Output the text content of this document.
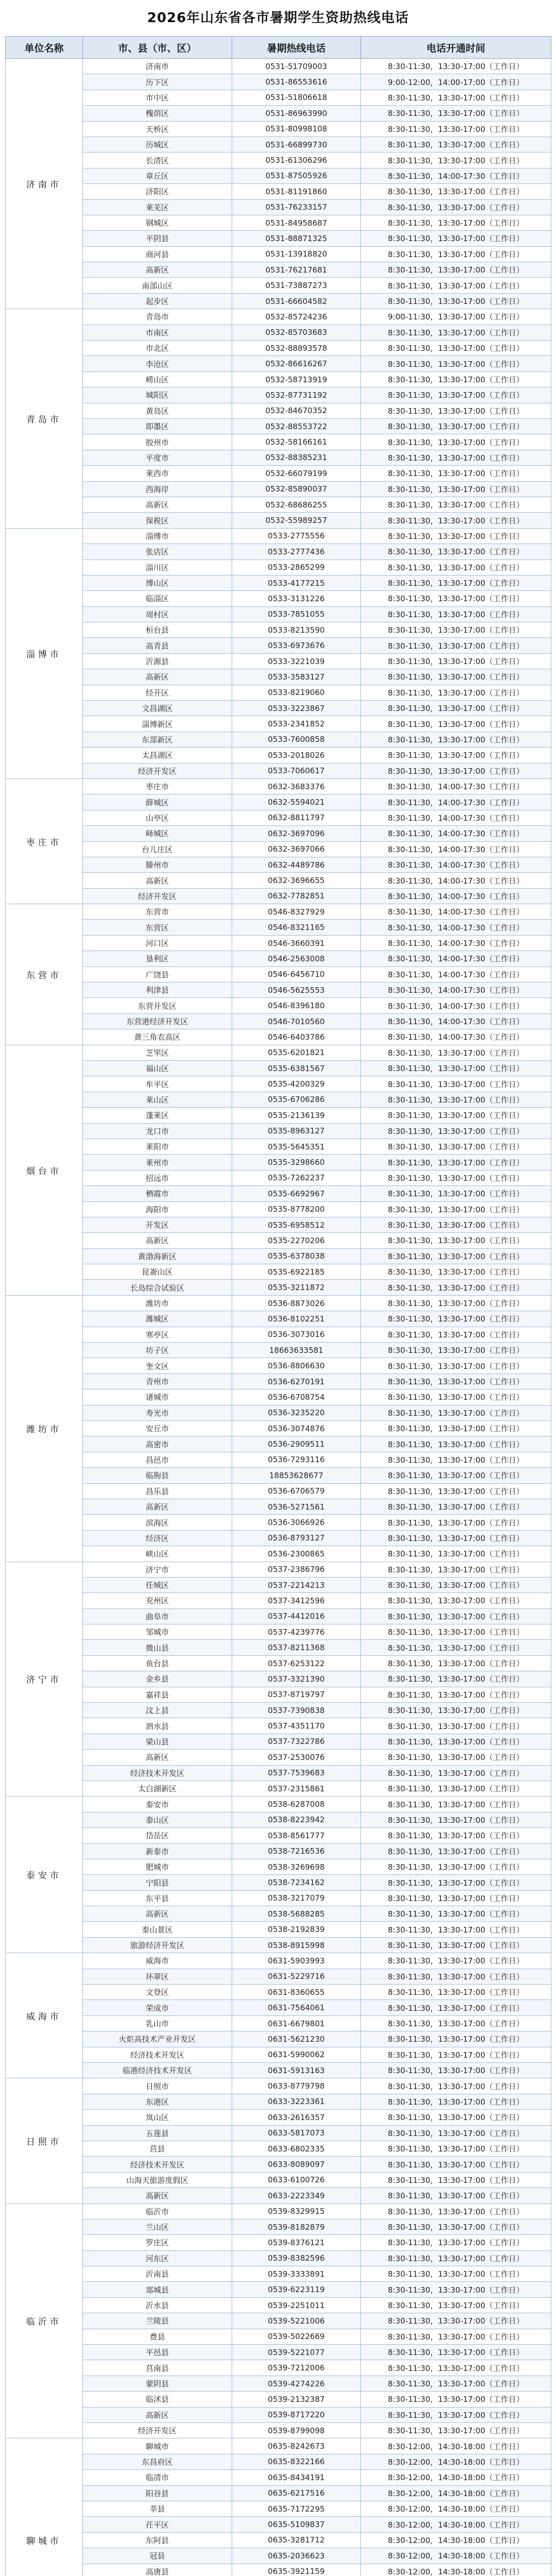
2026年山东省各市暑期学生资助热线电话
单位名称	市、县（市、区）	暑期热线电话	电话开通时间
济南市	济南市	0531-51709003	8:30-11:30，13:30-17:00（工作日）
	历下区	0531-86553616	9:00-12:00，14:00-17:00（工作日）
	市中区	0531-51806618	8:30-11:30，13:30-17:00（工作日）
	槐荫区	0531-86963990	8:30-11:30，13:30-17:00（工作日）
	天桥区	0531-80998108	8:30-11:30，13:30-17:00（工作日）
	历城区	0531-66899730	8:30-11:30，13:30-17:00（工作日）
	长清区	0531-61306296	8:30-11:30，13:30-17:00（工作日）
	章丘区	0531-87505926	8:30-11:30，14:00-17:30（工作日）
	济阳区	0531-81191860	8:30-11:30，13:30-17:00（工作日）
	莱芜区	0531-76233157	8:30-11:30，13:30-17:00（工作日）
	钢城区	0531-84958687	8:30-11:30，13:30-17:00（工作日）
	平阴县	0531-88871325	8:30-11:30，13:30-17:00（工作日）
	商河县	0531-13918820	8:30-11:30，13:30-17:00（工作日）
	高新区	0531-76217681	8:30-11:30，13:30-17:00（工作日）
	南部山区	0531-73887273	8:30-11:30，13:30-17:00（工作日）
	起步区	0531-66604582	8:30-11:30，13:30-17:00（工作日）
青岛市	青岛市	0532-85724236	9:00-11:30，13:30-17:00（工作日）
	市南区	0532-85703683	8:30-11:30，13:30-17:00（工作日）
	市北区	0532-88893578	8:30-11:30，13:30-17:00（工作日）
	李沧区	0532-86616267	8:30-11:30，13:30-17:00（工作日）
	崂山区	0532-58713919	8:30-11:30，13:30-17:00（工作日）
	城阳区	0532-87731192	8:30-11:30，13:30-17:00（工作日）
	黄岛区	0532-84670352	8:30-11:30，13:30-17:00（工作日）
	即墨区	0532-88553722	8:30-11:30，13:30-17:00（工作日）
	胶州市	0532-58166161	8:30-11:30，13:30-17:00（工作日）
	平度市	0532-88385231	8:30-11:30，13:30-17:00（工作日）
	莱西市	0532-66079199	8:30-11:30，13:30-17:00（工作日）
	西海岸	0532-85890037	8:30-11:30，13:30-17:00（工作日）
	高新区	0532-68686255	8:30-11:30，13:30-17:00（工作日）
	保税区	0532-55989257	8:30-11:30，13:30-17:00（工作日）
淄博市	淄博市	0533-2775556	8:30-11:30，13:30-17:00（工作日）
	张店区	0533-2777436	8:30-11:30，13:30-17:00（工作日）
	淄川区	0533-2865299	8:30-11:30，13:30-17:00（工作日）
	博山区	0533-4177215	8:30-11:30，13:30-17:00（工作日）
	临淄区	0533-3131226	8:30-11:30，13:30-17:00（工作日）
	周村区	0533-7851055	8:30-11:30，13:30-17:00（工作日）
	桓台县	0533-8213590	8:30-11:30，13:30-17:00（工作日）
	高青县	0533-6973676	8:30-11:30，13:30-17:00（工作日）
	沂源县	0533-3221039	8:30-11:30，13:30-17:00（工作日）
	高新区	0533-3583127	8:30-11:30，13:30-17:00（工作日）
	经开区	0533-8219060	8:30-11:30，13:30-17:00（工作日）
	文昌湖区	0533-3223867	8:30-11:30，13:30-17:00（工作日）
	淄博新区	0533-2341852	8:30-11:30，13:30-17:00（工作日）
	东部新区	0533-7600858	8:30-11:30，13:30-17:00（工作日）
	太昌湖区	0533-2018026	8:30-11:30，13:30-17:00（工作日）
	经济开发区	0533-7060617	8:30-11:30，13:30-17:00（工作日）
枣庄市	枣庄市	0632-3683376	8:30-11:30，14:00-17:30（工作日）
	薛城区	0632-5594021	8:30-11:30，14:00-17:30（工作日）
	山亭区	0632-8811797	8:30-11:30，14:00-17:30（工作日）
	峄城区	0632-3697096	8:30-11:30，14:00-17:30（工作日）
	台儿庄区	0632-3697066	8:30-11:30，14:00-17:30（工作日）
	滕州市	0632-4489786	8:30-11:30，14:00-17:30（工作日）
	高新区	0632-3696655	8:30-11:30，14:00-17:30（工作日）
	经济开发区	0632-7782851	8:30-11:30，14:00-17:30（工作日）
东营市	东营市	0546-8327929	8:30-11:30，14:00-17:30（工作日）
	东营区	0546-8321165	8:30-11:30，14:00-17:30（工作日）
	河口区	0546-3660391	8:30-11:30，14:00-17:30（工作日）
	垦利区	0546-2563008	8:30-11:30，14:00-17:30（工作日）
	广饶县	0546-6456710	8:30-11:30，14:00-17:30（工作日）
	利津县	0546-5625553	8:30-11:30，14:00-17:30（工作日）
	东营开发区	0546-8396180	8:30-11:30，14:00-17:30（工作日）
	东营港经济开发区	0546-7010560	8:30-11:30，14:00-17:30（工作日）
	黄三角农高区	0546-6403786	8:30-11:30，14:00-17:30（工作日）
烟台市	芝罘区	0535-6201821	8:30-11:30，13:30-17:00（工作日）
	福山区	0535-6381567	8:30-11:30，13:30-17:00（工作日）
	牟平区	0535-4200329	8:30-11:30，13:30-17:00（工作日）
	莱山区	0535-6706286	8:30-11:30，13:30-17:00（工作日）
	蓬莱区	0535-2136139	8:30-11:30，13:30-17:00（工作日）
	龙口市	0535-8963127	8:30-11:30，13:30-17:00（工作日）
	莱阳市	0535-5645351	8:30-11:30，13:30-17:00（工作日）
	莱州市	0535-3298660	8:30-11:30，13:30-17:00（工作日）
	招远市	0535-7262237	8:30-11:30，13:30-17:00（工作日）
	栖霞市	0535-6692967	8:30-11:30，13:30-17:00（工作日）
	海阳市	0535-8778200	8:30-11:30，13:30-17:00（工作日）
	开发区	0535-6958512	8:30-11:30，13:30-17:00（工作日）
	高新区	0535-2270206	8:30-11:30，13:30-17:00（工作日）
	黄渤海新区	0535-6378038	8:30-11:30，13:30-17:00（工作日）
	昆嵛山区	0535-6922185	8:30-11:30，13:30-17:00（工作日）
	长岛综合试验区	0535-3211872	8:30-11:30，13:30-17:00（工作日）
潍坊市	潍坊市	0536-8873026	8:30-11:30，13:30-17:00（工作日）
	潍城区	0536-8102251	8:30-11:30，13:30-17:00（工作日）
	寒亭区	0536-3073016	8:30-11:30，13:30-17:00（工作日）
	坊子区	18663633581	8:30-11:30，13:30-17:00（工作日）
	奎文区	0536-8806630	8:30-11:30，13:30-17:00（工作日）
	青州市	0536-6270191	8:30-11:30，13:30-17:00（工作日）
	诸城市	0536-6708754	8:30-11:30，13:30-17:00（工作日）
	寿光市	0536-3235220	8:30-11:30，13:30-17:00（工作日）
	安丘市	0536-3074876	8:30-11:30，13:30-17:00（工作日）
	高密市	0536-2909511	8:30-11:30，13:30-17:00（工作日）
	昌邑市	0536-7293116	8:30-11:30，13:30-17:00（工作日）
	临朐县	18853628677	8:30-11:30，13:30-17:00（工作日）
	昌乐县	0536-6706579	8:30-11:30，13:30-17:00（工作日）
	高新区	0536-5271561	8:30-11:30，13:30-17:00（工作日）
	滨海区	0536-3066926	8:30-11:30，13:30-17:00（工作日）
	经济区	0536-8793127	8:30-11:30，13:30-17:00（工作日）
	峡山区	0536-2300865	8:30-11:30，13:30-17:00（工作日）
济宁市	济宁市	0537-2386796	8:30-11:30，13:30-17:00（工作日）
	任城区	0537-2214213	8:30-11:30，13:30-17:00（工作日）
	兖州区	0537-3412596	8:30-11:30，13:30-17:00（工作日）
	曲阜市	0537-4412016	8:30-11:30，13:30-17:00（工作日）
	邹城市	0537-4239776	8:30-11:30，13:30-17:00（工作日）
	微山县	0537-8211368	8:30-11:30，13:30-17:00（工作日）
	鱼台县	0537-6253122	8:30-11:30，13:30-17:00（工作日）
	金乡县	0537-3321390	8:30-11:30，13:30-17:00（工作日）
	嘉祥县	0537-8719797	8:30-11:30，13:30-17:00（工作日）
	汶上县	0537-7390838	8:30-11:30，13:30-17:00（工作日）
	泗水县	0537-4351170	8:30-11:30，13:30-17:00（工作日）
	梁山县	0537-7322786	8:30-11:30，13:30-17:00（工作日）
	高新区	0537-2530076	8:30-11:30，13:30-17:00（工作日）
	经济技术开发区	0537-7539683	8:30-11:30，13:30-17:00（工作日）
	太白湖新区	0537-2315861	8:30-11:30，13:30-17:00（工作日）
泰安市	泰安市	0538-6287008	8:30-11:30，13:30-17:00（工作日）
	泰山区	0538-8223942	8:30-11:30，13:30-17:00（工作日）
	岱岳区	0538-8561777	8:30-11:30，13:30-17:00（工作日）
	新泰市	0538-7216536	8:30-11:30，13:30-17:00（工作日）
	肥城市	0538-3269698	8:30-11:30，13:30-17:00（工作日）
	宁阳县	0538-7234162	8:30-11:30，13:30-17:00（工作日）
	东平县	0538-3217079	8:30-11:30，13:30-17:00（工作日）
	高新区	0538-5688285	8:30-11:30，13:30-17:00（工作日）
	泰山景区	0538-2192839	8:30-11:30，13:30-17:00（工作日）
	旅游经济开发区	0538-8915998	8:30-11:30，13:30-17:00（工作日）
威海市	威海市	0631-5903993	8:30-11:30，13:30-17:00（工作日）
	环翠区	0631-5229716	8:30-11:30，13:30-17:00（工作日）
	文登区	0631-8360655	8:30-11:30，13:30-17:00（工作日）
	荣成市	0631-7564061	8:30-11:30，13:30-17:00（工作日）
	乳山市	0631-6679801	8:30-11:30，13:30-17:00（工作日）
	火炬高技术产业开发区	0631-5621230	8:30-11:30，13:30-17:00（工作日）
	经济技术开发区	0631-5990062	8:30-11:30，13:30-17:00（工作日）
	临港经济技术开发区	0631-5913163	8:30-11:30，13:30-17:00（工作日）
日照市	日照市	0633-8779798	8:30-11:30，13:30-17:00（工作日）
	东港区	0633-3223361	8:30-11:30，13:30-17:00（工作日）
	岚山区	0633-2616357	8:30-11:30，13:30-17:00（工作日）
	五莲县	0633-5817073	8:30-11:30，13:30-17:00（工作日）
	莒县	0633-6802335	8:30-11:30，13:30-17:00（工作日）
	经济技术开发区	0633-8089097	8:30-11:30，13:30-17:00（工作日）
	山海天旅游度假区	0633-6100726	8:30-11:30，13:30-17:00（工作日）
	高新区	0633-2223349	8:30-11:30，13:30-17:00（工作日）
临沂市	临沂市	0539-8329915	8:30-11:30，13:30-17:00（工作日）
	兰山区	0539-8182879	8:30-11:30，13:30-17:00（工作日）
	罗庄区	0539-8376121	8:30-11:30，13:30-17:00（工作日）
	河东区	0539-8382596	8:30-11:30，13:30-17:00（工作日）
	沂南县	0539-3333891	8:30-11:30，13:30-17:00（工作日）
	郯城县	0539-6223119	8:30-11:30，13:30-17:00（工作日）
	沂水县	0539-2251011	8:30-11:30，13:30-17:00（工作日）
	兰陵县	0539-5221006	8:30-11:30，13:30-17:00（工作日）
	费县	0539-5022669	8:30-11:30，13:30-17:00（工作日）
	平邑县	0539-5221077	8:30-11:30，13:30-17:00（工作日）
	莒南县	0539-7212006	8:30-11:30，13:30-17:00（工作日）
	蒙阴县	0539-4274226	8:30-11:30，13:30-17:00（工作日）
	临沭县	0539-2132387	8:30-11:30，13:30-17:00（工作日）
	高新区	0539-8717220	8:30-11:30，13:30-17:00（工作日）
	经济开发区	0539-8799098	8:30-11:30，13:30-17:00（工作日）
聊城市	聊城市	0635-8242673	8:30-12:00，14:30-18:00（工作日）
	东昌府区	0635-8322166	8:30-12:00，14:30-18:00（工作日）
	临清市	0635-8434191	8:30-12:00，14:30-18:00（工作日）
	阳谷县	0635-6217516	8:30-12:00，14:30-18:00（工作日）
	莘县	0635-7172295	8:30-12:00，14:30-18:00（工作日）
	茌平区	0635-5109837	8:30-12:00，14:30-18:00（工作日）
	东阿县	0635-3281712	8:30-12:00，14:30-18:00（工作日）
	冠县	0635-2036623	8:30-12:00，14:30-18:00（工作日）
	高唐县	0635-3921159	8:30-12:00，14:30-18:00（工作日）
